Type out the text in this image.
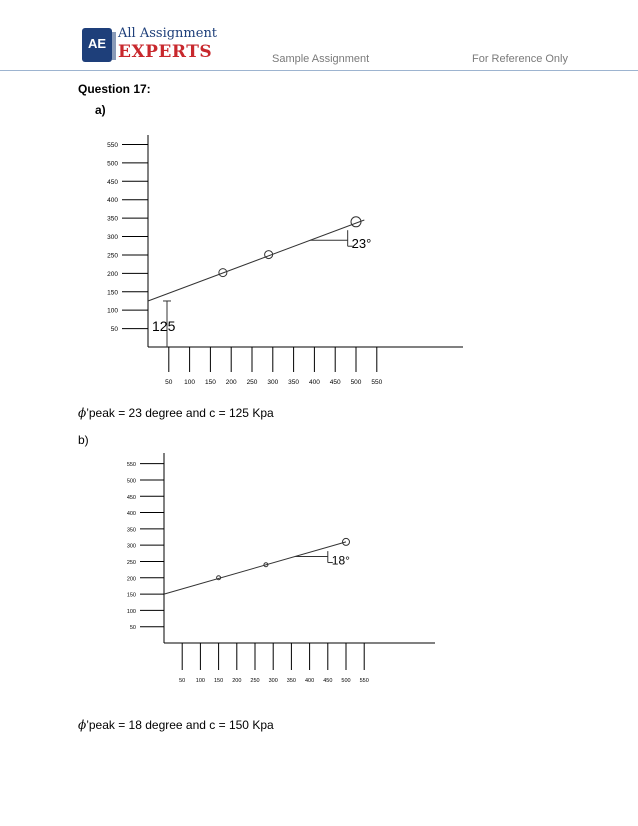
AE
All Assignment
EXPERTS	Sample Assignment	For Reference Only
Question 17:
a)
50
100
150
200
250
300
350
400
450
500
550
50 100 150 200 250 300 350 400 450 500 550
23°
125
ϕ’peak = 23 degree and c = 125 Kpa
b)
50
100
150
200
250
300
350
400
450
500
550
50 100 150 200 250 300 350 400 450 500 550
18°
ϕ’peak = 18 degree and c = 150 Kpa
